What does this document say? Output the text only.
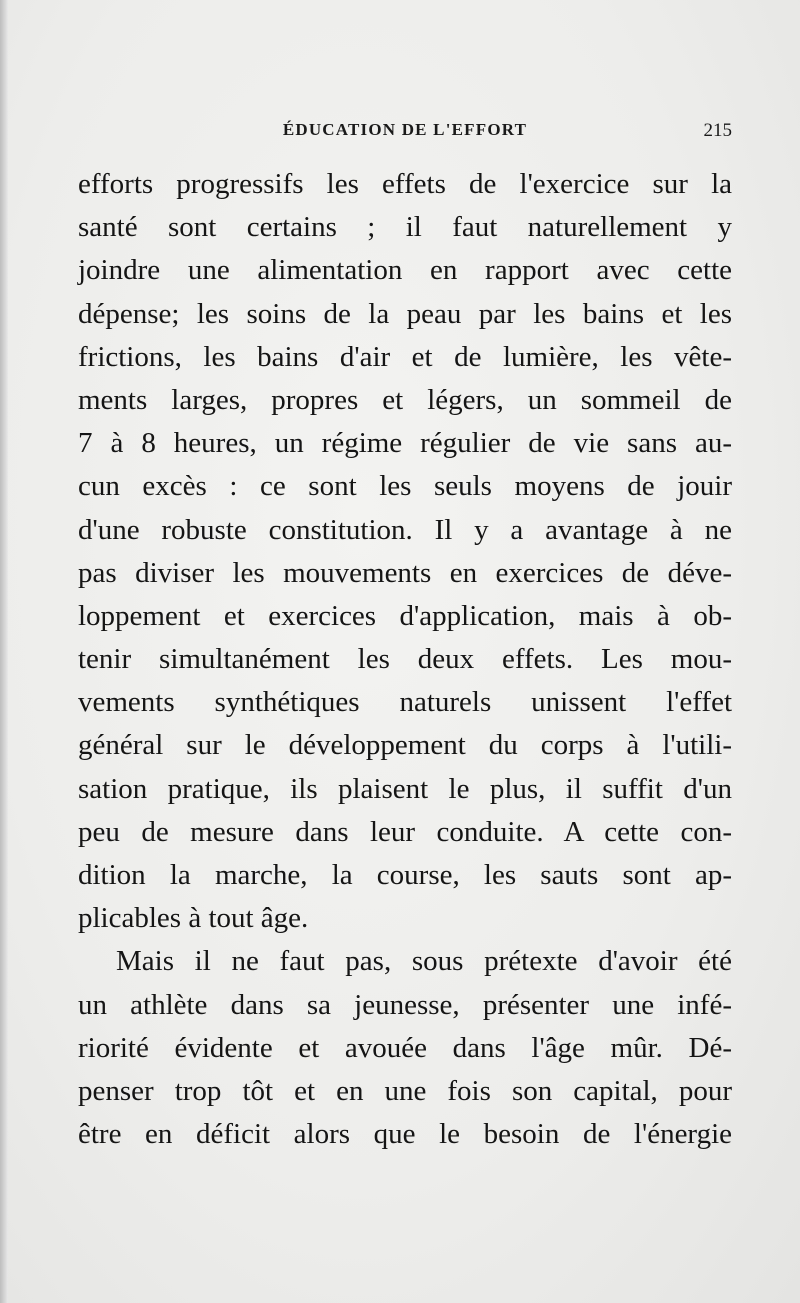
ÉDUCATION DE L'EFFORT	215
efforts progressifs les effets de l'exercice sur la
santé sont certains ; il faut naturellement y
joindre une alimentation en rapport avec cette
dépense; les soins de la peau par les bains et les
frictions, les bains d'air et de lumière, les vête-
ments larges, propres et légers, un sommeil de
7 à 8 heures, un régime régulier de vie sans au-
cun excès : ce sont les seuls moyens de jouir
d'une robuste constitution. Il y a avantage à ne
pas diviser les mouvements en exercices de déve-
loppement et exercices d'application, mais à ob-
tenir simultanément les deux effets. Les mou-
vements synthétiques naturels unissent l'effet
général sur le développement du corps à l'utili-
sation pratique, ils plaisent le plus, il suffit d'un
peu de mesure dans leur conduite. A cette con-
dition la marche, la course, les sauts sont ap-
plicables à tout âge.
Mais il ne faut pas, sous prétexte d'avoir été
un athlète dans sa jeunesse, présenter une infé-
riorité évidente et avouée dans l'âge mûr. Dé-
penser trop tôt et en une fois son capital, pour
être en déficit alors que le besoin de l'énergie
